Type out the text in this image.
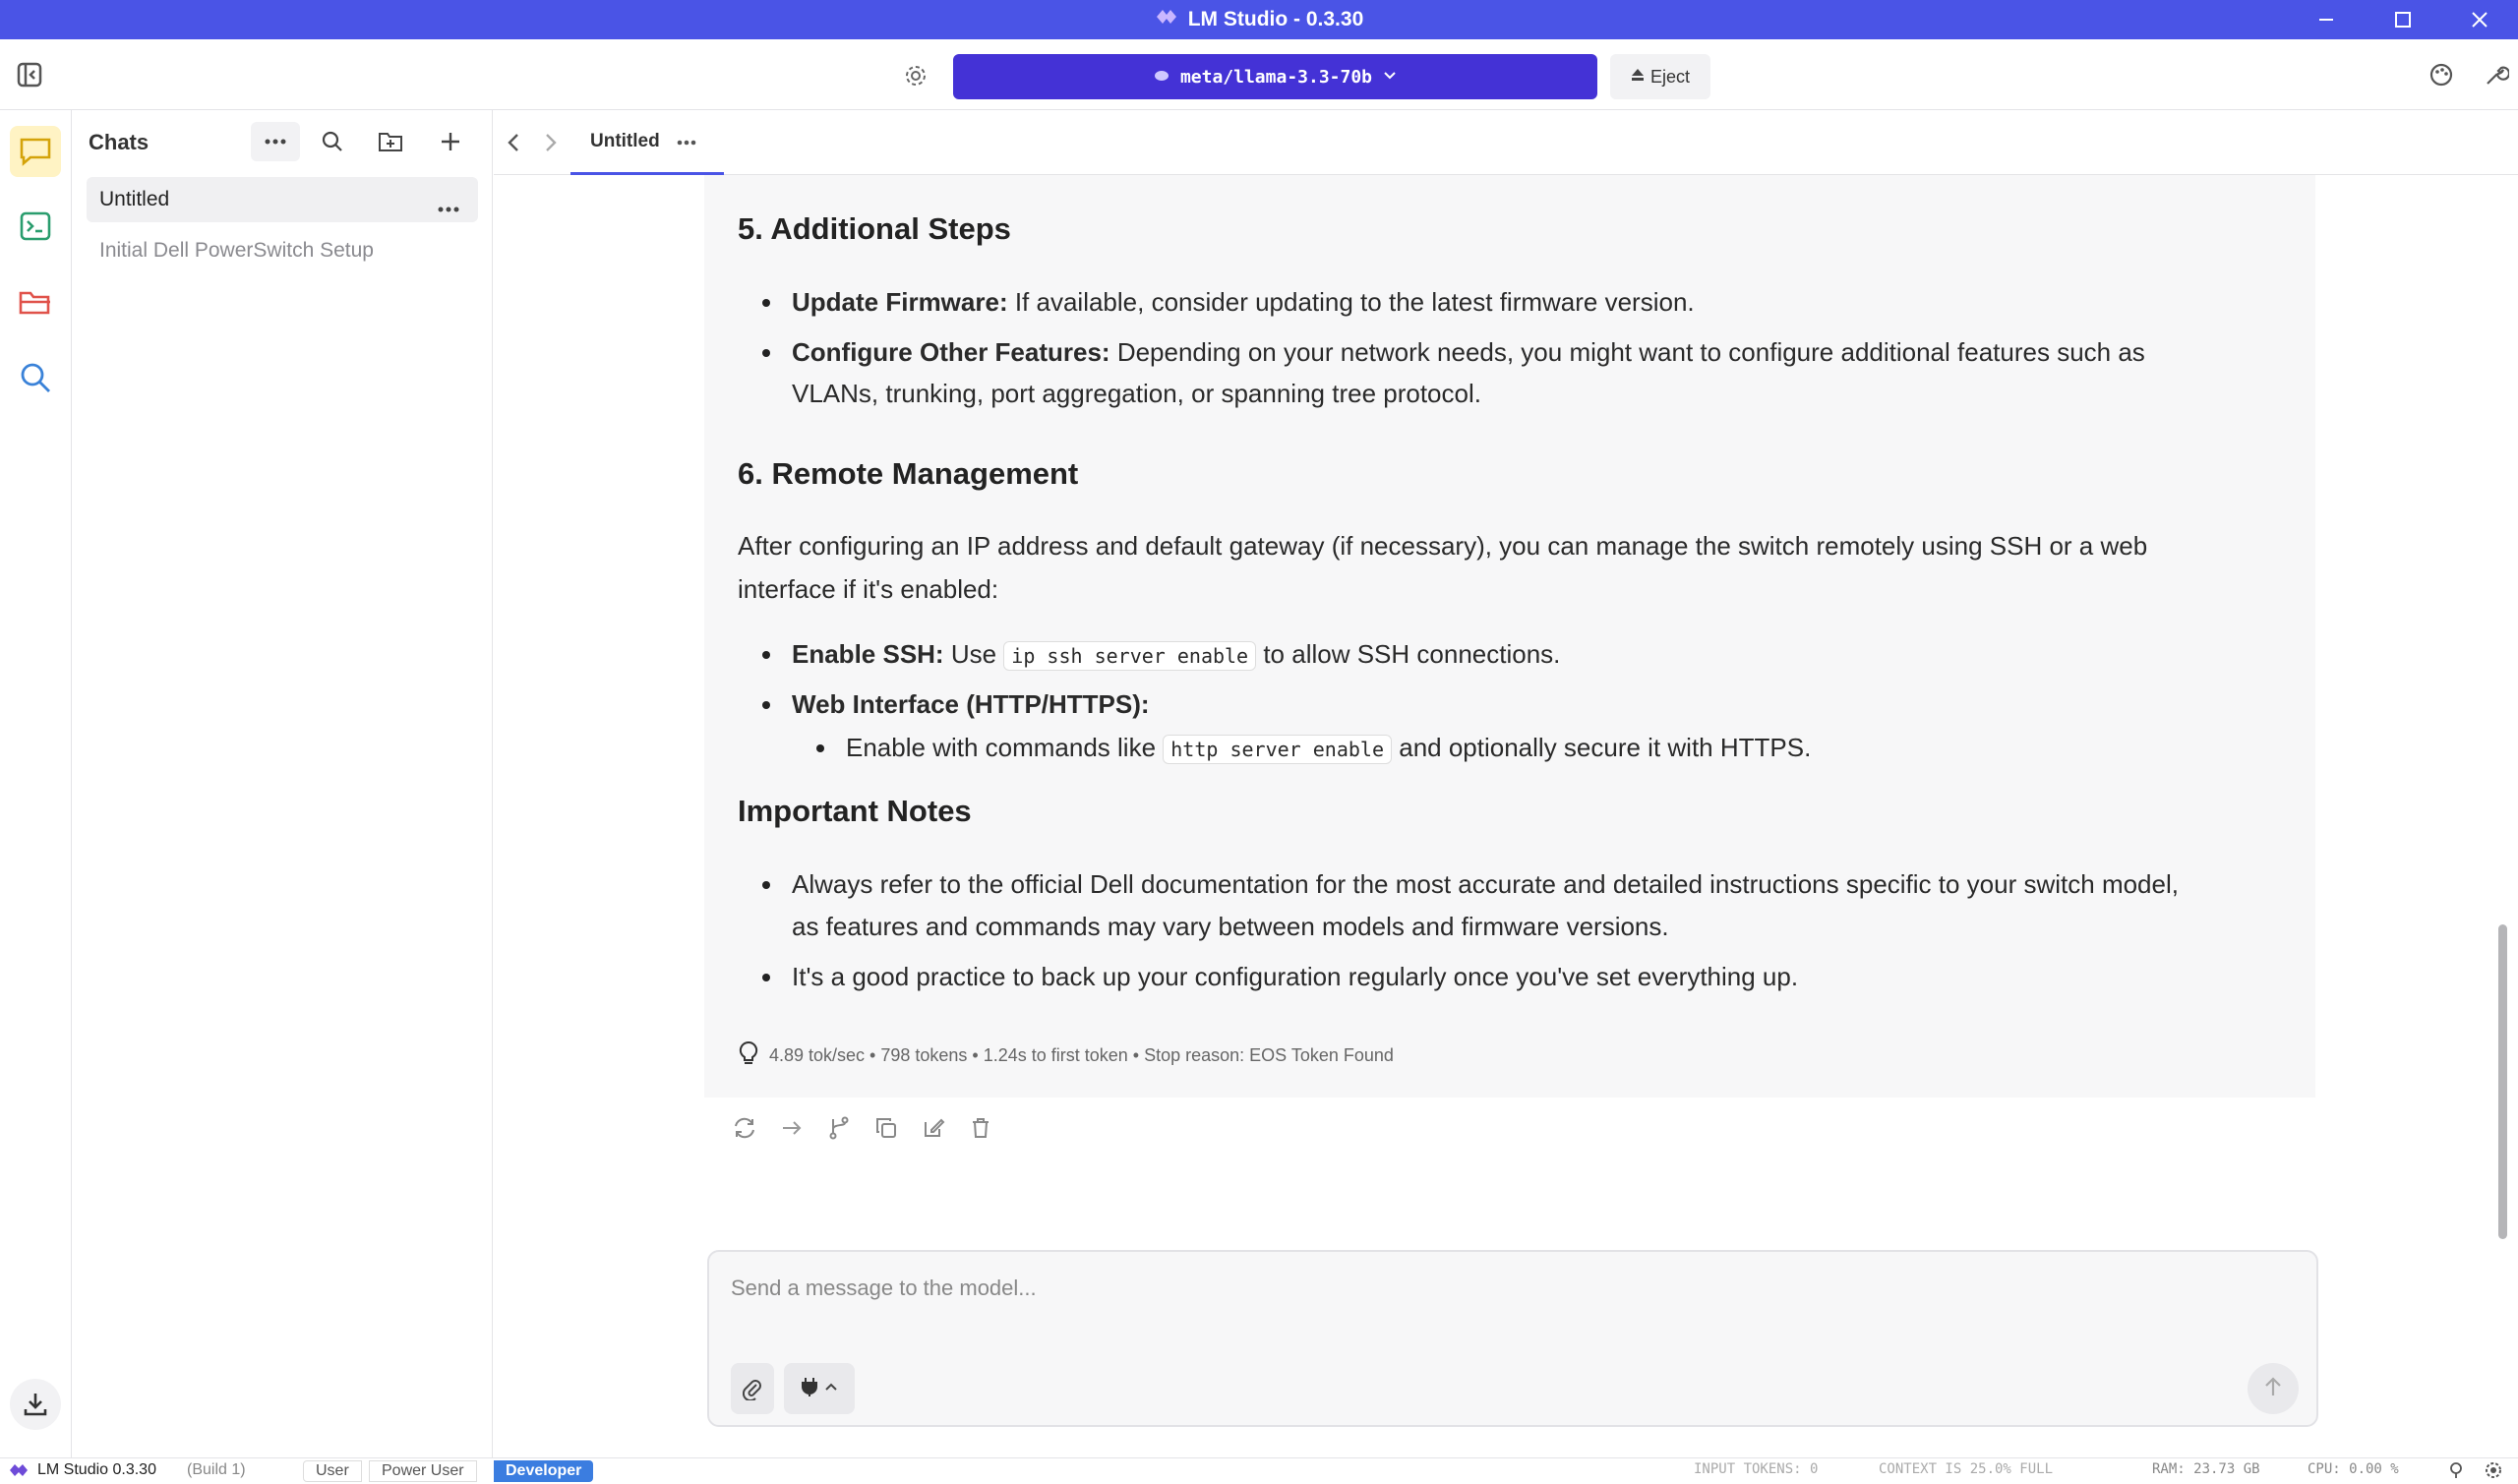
LM Studio - 0.3.30
meta/llama-3.3-70b	Eject
Chats
Untitled
Initial Dell PowerSwitch Setup
Untitled
5. Additional Steps
Update Firmware: If available, consider updating to the latest firmware version.
Configure Other Features: Depending on your network needs, you might want to configure additional features such as

VLANs, trunking, port aggregation, or spanning tree protocol.

6. Remote Management

After configuring an IP address and default gateway (if necessary), you can manage the switch remotely using SSH or a web

interface if it's enabled:

Enable SSH: Use ip ssh server enable to allow SSH connections.
Web Interface (HTTP/HTTPS):
Enable with commands like http server enable and optionally secure it with HTTPS.
Important Notes
Always refer to the official Dell documentation for the most accurate and detailed instructions specific to your switch model,

as features and commands may vary between models and firmware versions.

It's a good practice to back up your configuration regularly once you've set everything up.
4.89 tok/sec • 798 tokens • 1.24s to first token • Stop reason: EOS Token Found
Send a message to the model...
LM Studio 0.3.30 (Build 1)	User	Power User	Developer	INPUT TOKENS: 0	CONTEXT IS 25.0% FULL	RAM: 23.73 GB	CPU: 0.00 %
